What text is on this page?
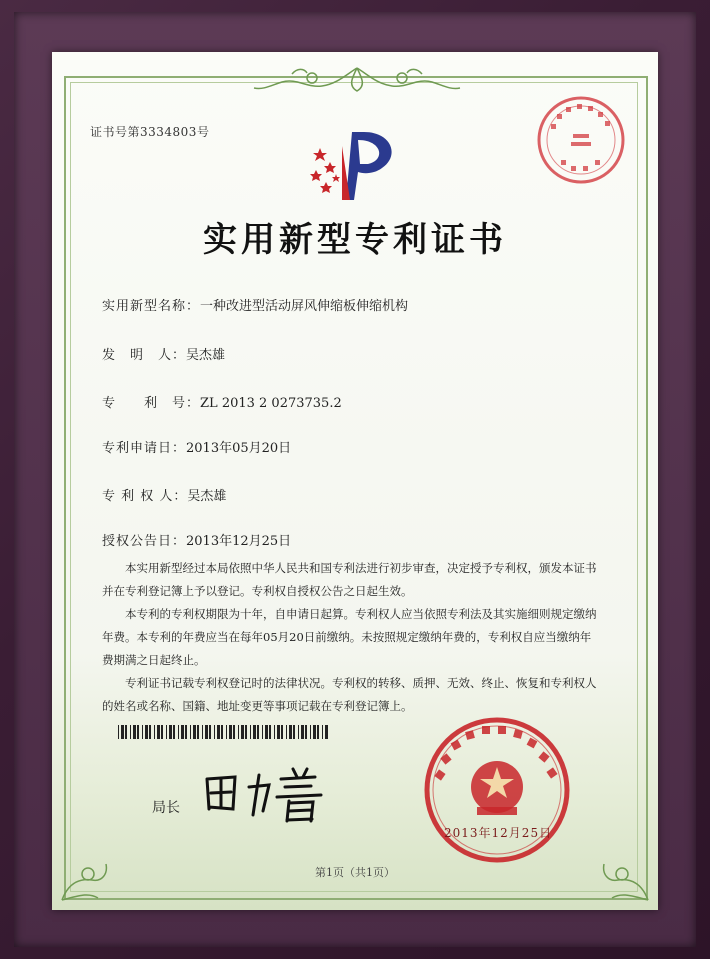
证书号第3334803号
实用新型专利证书
实用新型名称：一种改进型活动屏风伸缩板伸缩机构
发　明　人：吴杰雄
专　　利　号：ZL 2013 2 0273735.2
专利申请日：2013年05月20日
专 利 权 人：吴杰雄
授权公告日：2013年12月25日

本实用新型经过本局依照中华人民共和国专利法进行初步审查，决定授予专利权，颁发本证书并在专利登记簿上予以登记。专利权自授权公告之日起生效。

本专利的专利权期限为十年，自申请日起算。专利权人应当依照专利法及其实施细则规定缴纳年费。本专利的年费应当在每年05月20日前缴纳。未按照规定缴纳年费的，专利权自应当缴纳年费期满之日起终止。

专利证书记载专利权登记时的法律状况。专利权的转移、质押、无效、终止、恢复和专利权人的姓名或名称、国籍、地址变更等事项记载在专利登记簿上。

局长
2013年12月25日
第1页（共1页）
